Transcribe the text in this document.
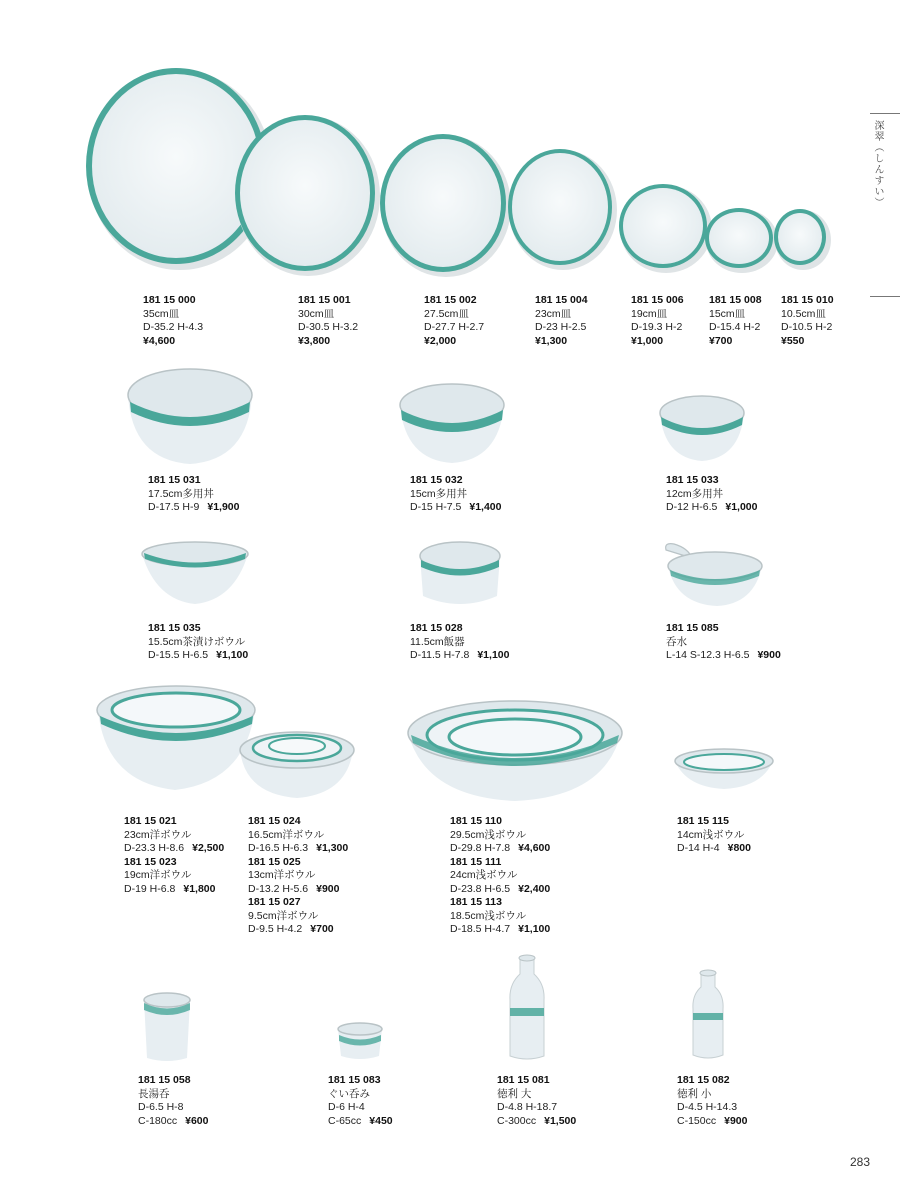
深翠（しんすい）
181 15 000
35cm皿
D-35.2 H-4.3
¥4,600
181 15 001
30cm皿
D-30.5 H-3.2
¥3,800
181 15 002
27.5cm皿
D-27.7 H-2.7
¥2,000
181 15 004
23cm皿
D-23 H-2.5
¥1,300
181 15 006
19cm皿
D-19.3 H-2
¥1,000
181 15 008
15cm皿
D-15.4 H-2
¥700
181 15 010
10.5cm皿
D-10.5 H-2
¥550
181 15 031
17.5cm多用丼
D-17.5 H-9 ¥1,900
181 15 032
15cm多用丼
D-15 H-7.5 ¥1,400
181 15 033
12cm多用丼
D-12 H-6.5 ¥1,000
181 15 035
15.5cm茶漬けボウル
D-15.5 H-6.5 ¥1,100
181 15 028
11.5cm飯器
D-11.5 H-7.8 ¥1,100
181 15 085
呑水
L-14 S-12.3 H-6.5 ¥900
181 15 021
23cm洋ボウル
D-23.3 H-8.6 ¥2,500
181 15 023
19cm洋ボウル
D-19 H-6.8 ¥1,800
181 15 024
16.5cm洋ボウル
D-16.5 H-6.3 ¥1,300
181 15 025
13cm洋ボウル
D-13.2 H-5.6 ¥900
181 15 027
9.5cm洋ボウル
D-9.5 H-4.2 ¥700
181 15 110
29.5cm浅ボウル
D-29.8 H-7.8 ¥4,600
181 15 111
24cm浅ボウル
D-23.8 H-6.5 ¥2,400
181 15 113
18.5cm浅ボウル
D-18.5 H-4.7 ¥1,100
181 15 115
14cm浅ボウル
D-14 H-4 ¥800
181 15 058
長湯呑
D-6.5 H-8
C-180cc ¥600
181 15 083
ぐい呑み
D-6 H-4
C-65cc ¥450
181 15 081
徳利 大
D-4.8 H-18.7
C-300cc ¥1,500
181 15 082
徳利 小
D-4.5 H-14.3
C-150cc ¥900
283
